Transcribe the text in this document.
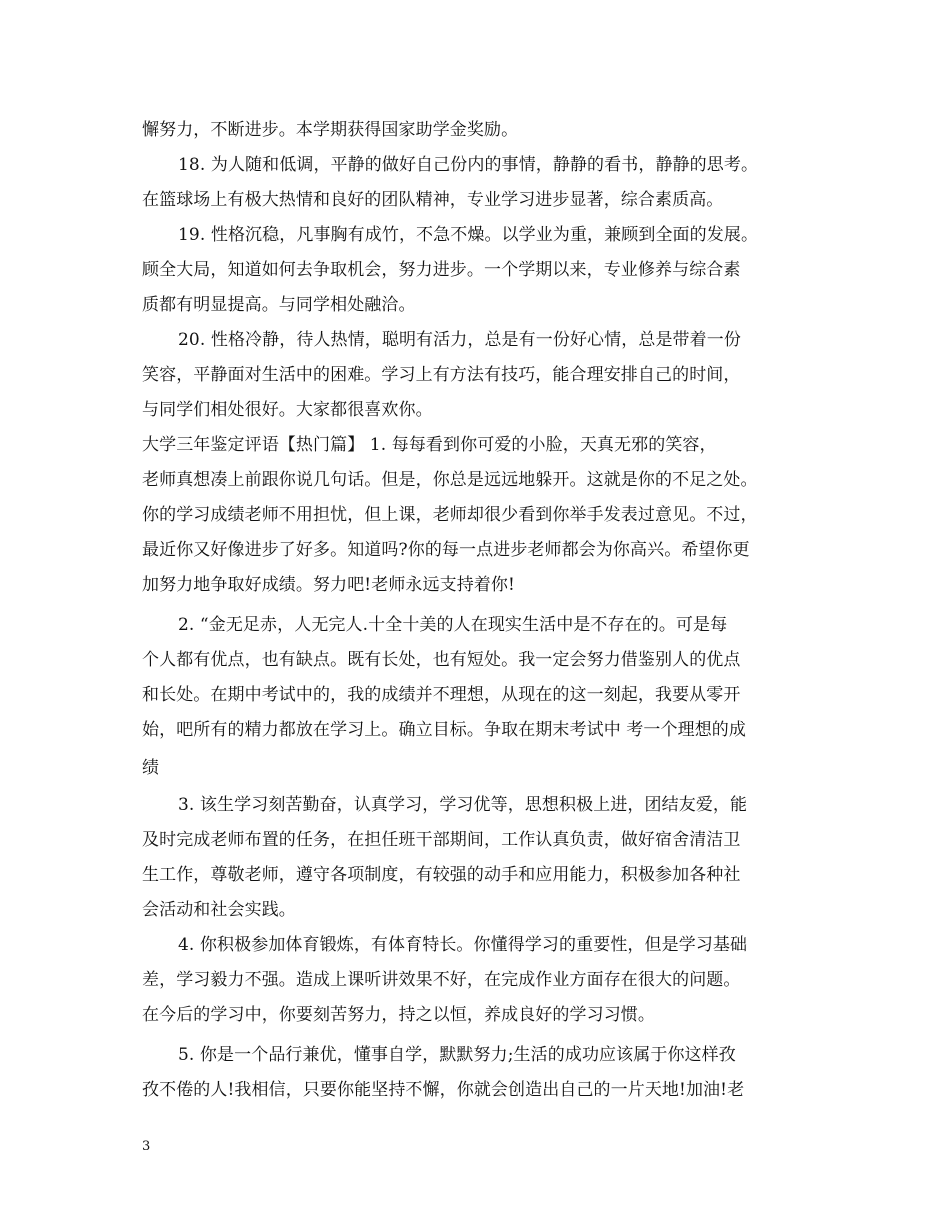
懈努力，不断进步。本学期获得国家助学金奖励。
18. 为人随和低调，平静的做好自己份内的事情，静静的看书，静静的思考。
在篮球场上有极大热情和良好的团队精神，专业学习进步显著，综合素质高。
19. 性格沉稳，凡事胸有成竹，不急不燥。以学业为重，兼顾到全面的发展。
顾全大局，知道如何去争取机会，努力进步。一个学期以来，专业修养与综合素
质都有明显提高。与同学相处融洽。
20. 性格冷静，待人热情，聪明有活力，总是有一份好心情，总是带着一份
笑容，平静面对生活中的困难。学习上有方法有技巧，能合理安排自己的时间，
与同学们相处很好。大家都很喜欢你。
大学三年鉴定评语【热门篇】 1. 每每看到你可爱的小脸，天真无邪的笑容，
老师真想凑上前跟你说几句话。但是，你总是远远地躲开。这就是你的不足之处。
你的学习成绩老师不用担忧，但上课，老师却很少看到你举手发表过意见。不过，
最近你又好像进步了好多。知道吗?你的每一点进步老师都会为你高兴。希望你更
加努力地争取好成绩。努力吧!老师永远支持着你!
2. “金无足赤，人无完人.十全十美的人在现实生活中是不存在的。可是每
个人都有优点，也有缺点。既有长处，也有短处。我一定会努力借鉴别人的优点
和长处。在期中考试中的，我的成绩并不理想，从现在的这一刻起，我要从零开
始，吧所有的精力都放在学习上。确立目标。争取在期末考试中 考一个理想的成
绩
3. 该生学习刻苦勤奋，认真学习，学习优等，思想积极上进，团结友爱，能
及时完成老师布置的任务，在担任班干部期间，工作认真负责，做好宿舍清洁卫
生工作，尊敬老师，遵守各项制度，有较强的动手和应用能力，积极参加各种社
会活动和社会实践。
4. 你积极参加体育锻炼，有体育特长。你懂得学习的重要性，但是学习基础
差，学习毅力不强。造成上课听讲效果不好，在完成作业方面存在很大的问题。
在今后的学习中，你要刻苦努力，持之以恒，养成良好的学习习惯。
5. 你是一个品行兼优，懂事自学，默默努力;生活的成功应该属于你这样孜
孜不倦的人!我相信，只要你能坚持不懈，你就会创造出自己的一片天地!加油!老
3
